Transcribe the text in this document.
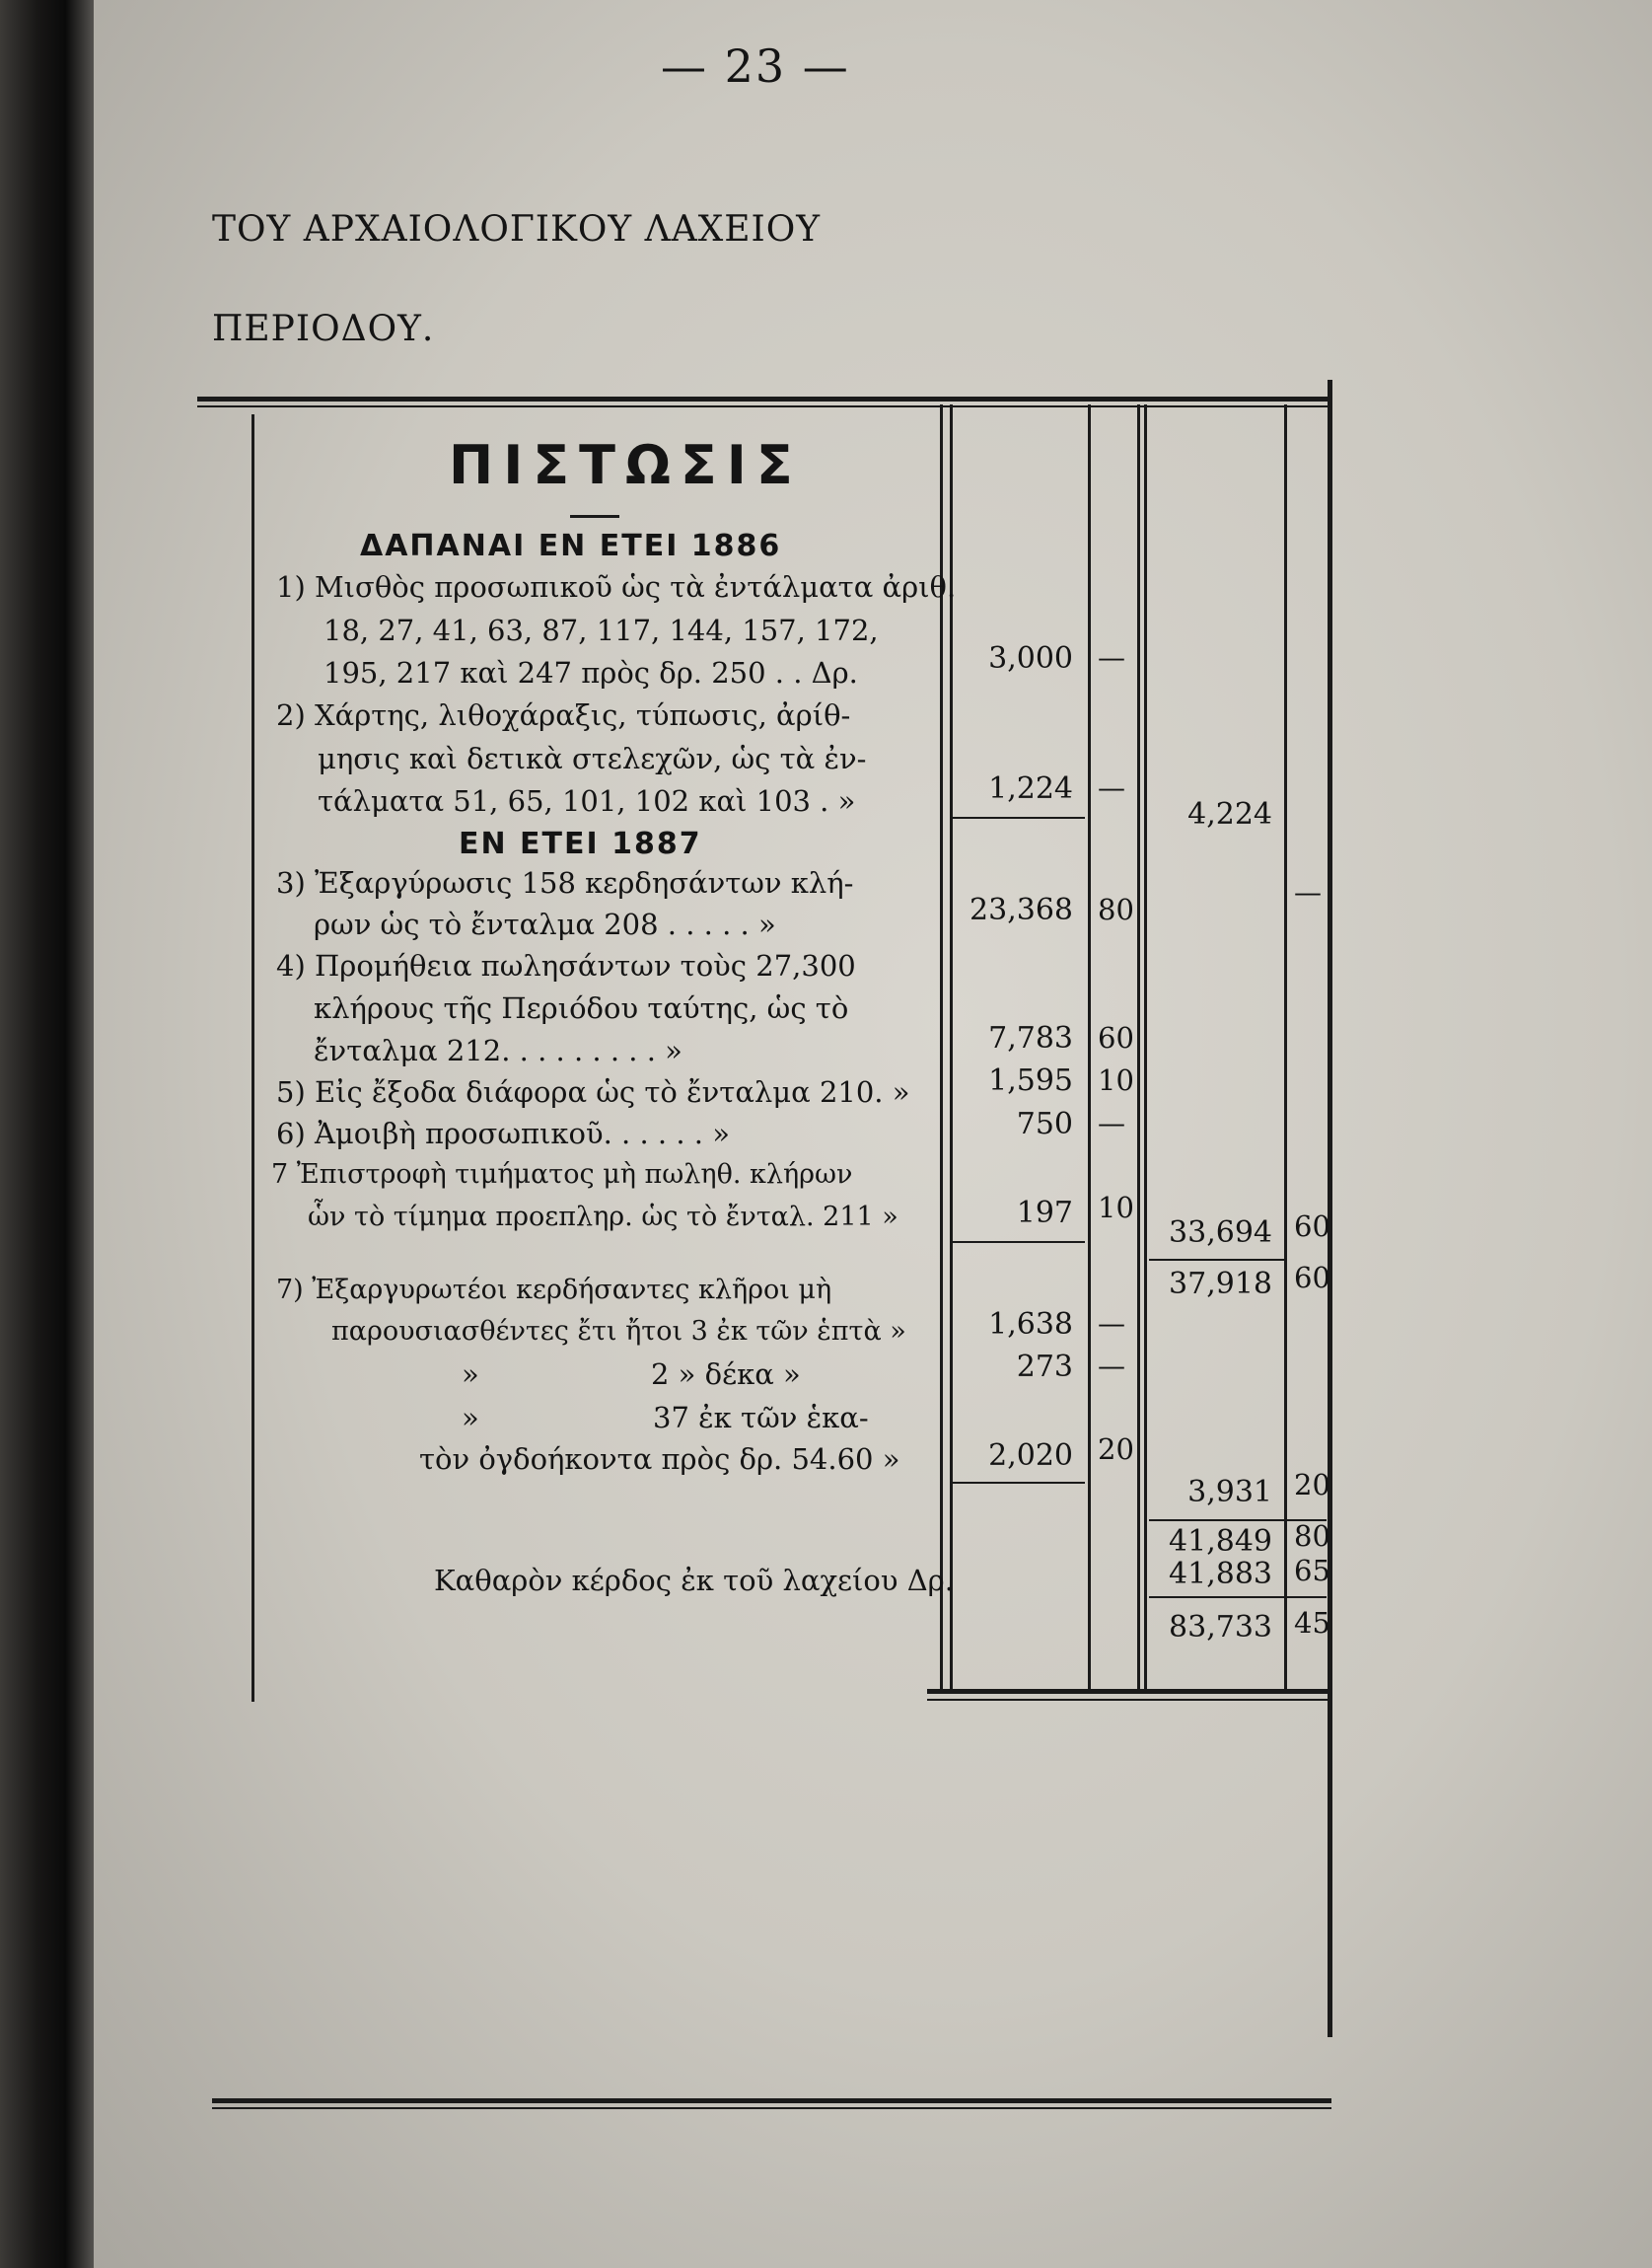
— 23 —
ΤΟΥ ΑΡΧΑΙΟΛΟΓΙΚΟΥ ΛΑΧΕΙΟΥ
ΠΕΡΙΟΔΟΥ.
ΠΙΣΤΩΣΙΣ
ΔΑΠΑΝΑΙ ΕΝ ΕΤΕΙ 1886
1) Μισθὸς προσωπικοῦ ὡς τὰ ἐντάλματα ἀριθ.
18, 27, 41, 63, 87, 117, 144, 157, 172,
195, 217 καὶ 247 πρὸς δρ. 250 . . Δρ.
2) Χάρτης, λιθοχάραξις, τύπωσις, ἀρίθ-
μησις καὶ δετικὰ στελεχῶν, ὡς τὰ ἐν-
τάλματα 51, 65, 101, 102 καὶ 103 . »
ΕΝ ΕΤΕΙ 1887
3) Ἐξαργύρωσις 158 κερδησάντων κλή-
ρων ὡς τὸ ἔνταλμα 208 . . . . . »
4) Προμήθεια πωλησάντων τοὺς 27,300
κλήρους τῆς Περιόδου ταύτης, ὡς τὸ
ἔνταλμα 212. . . . . . . . . »
5) Εἰς ἔξοδα διάφορα ὡς τὸ ἔνταλμα 210. »
6) Ἀμοιβὴ προσωπικοῦ. . . . . . »
7 Ἐπιστροφὴ τιμήματος μὴ πωληθ. κλήρων
ὧν τὸ τίμημα προεπληρ. ὡς τὸ ἔνταλ. 211 »
7) Ἐξαργυρωτέοι κερδήσαντες κλῆροι μὴ
παρουσιασθέντες ἔτι ἤτοι 3 ἐκ τῶν ἑπτὰ »
»	2 » δέκα »
»	37 ἐκ τῶν ἑκα-
τὸν ὀγδοήκοντα πρὸς δρ. 54.60 »
Καθαρὸν κέρδος ἐκ τοῦ λαχείου Δρ.
3,000 —
1,224 —
23,368 80
7,783 60
1,595 10
750 —
197 10
1,638 —
273 —
2,020 20
4,224
—
33,694 60
37,918 60
3,931 20
41,849 80
41,883 65
83,733 45
